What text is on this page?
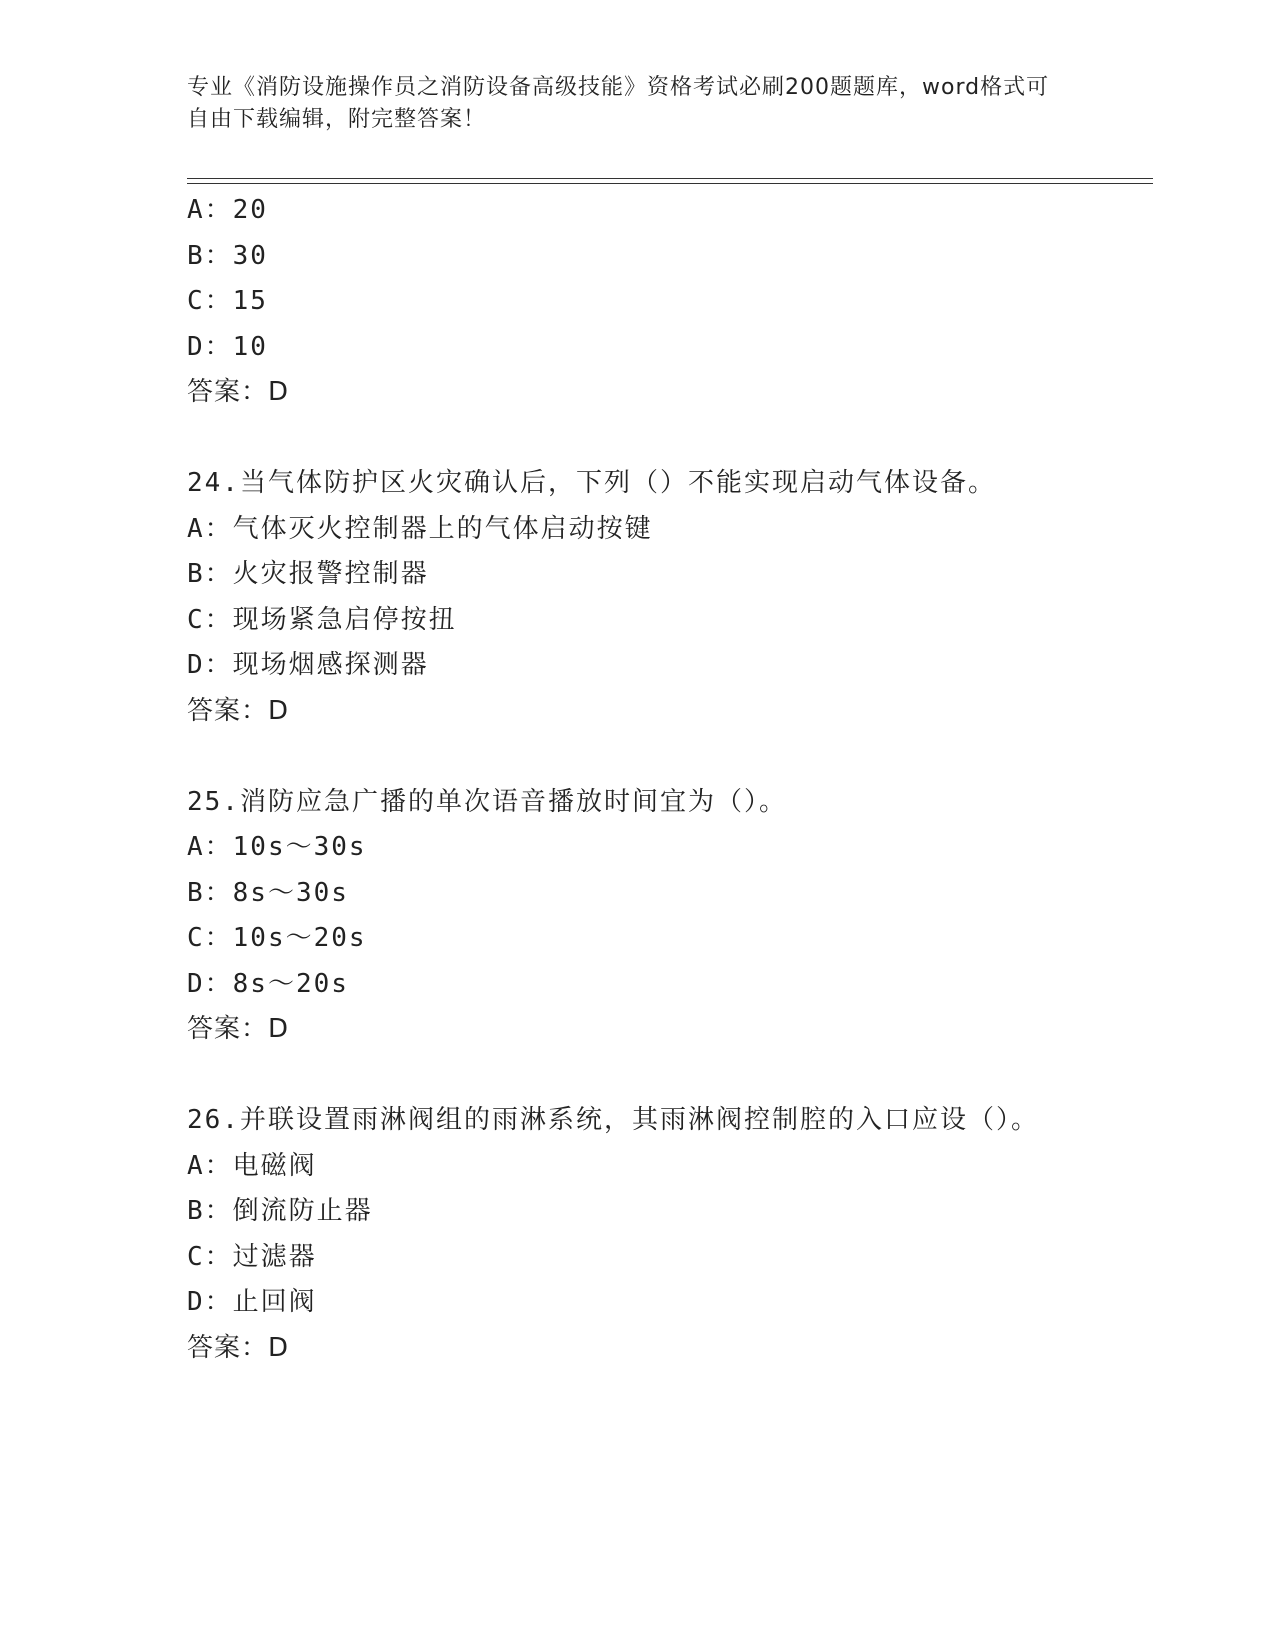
专业《消防设施操作员之消防设备高级技能》资格考试必刷200题题库，word格式可自由下载编辑，附完整答案！
A：20
B：30
C：15
D：10
答案：D
24.当气体防护区火灾确认后，下列（）不能实现启动气体设备。
A：气体灭火控制器上的气体启动按键
B：火灾报警控制器
C：现场紧急启停按扭
D：现场烟感探测器
答案：D
25.消防应急广播的单次语音播放时间宜为（）。
A：10s～30s
B：8s～30s
C：10s～20s
D：8s～20s
答案：D
26.并联设置雨淋阀组的雨淋系统，其雨淋阀控制腔的入口应设（）。
A：电磁阀
B：倒流防止器
C：过滤器
D：止回阀
答案：D
